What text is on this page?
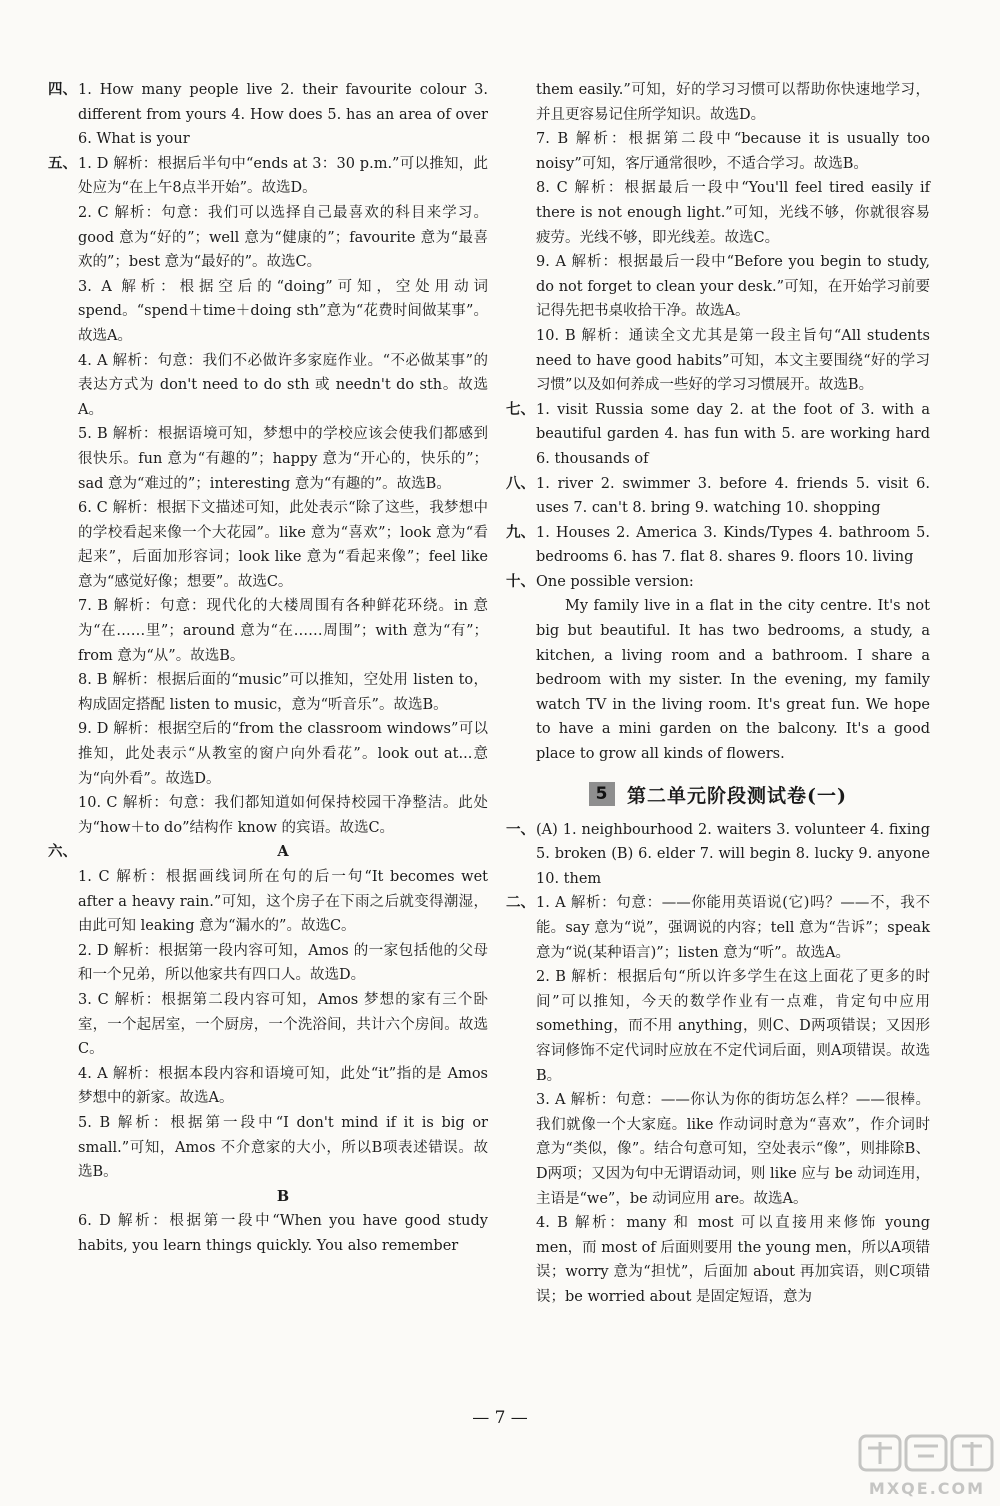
四、1. How many people live 2. their favourite colour 3. different from yours 4. How does 5. has an area of over 6. What is your

五、1. D 解析：根据后半句中“ends at 3：30 p.m.”可以推知，此处应为“在上午8点半开始”。故选D。

2. C 解析：句意：我们可以选择自己最喜欢的科目来学习。good 意为“好的”；well 意为“健康的”；favourite 意为“最喜欢的”；best 意为“最好的”。故选C。

3. A 解析：根据空后的“doing”可知，空处用动词 spend。“spend＋time＋doing sth”意为“花费时间做某事”。故选A。

4. A 解析：句意：我们不必做许多家庭作业。“不必做某事”的表达方式为 don't need to do sth 或 needn't do sth。故选A。

5. B 解析：根据语境可知，梦想中的学校应该会使我们都感到很快乐。fun 意为“有趣的”；happy 意为“开心的，快乐的”；sad 意为“难过的”；interesting 意为“有趣的”。故选B。

6. C 解析：根据下文描述可知，此处表示“除了这些，我梦想中的学校看起来像一个大花园”。like 意为“喜欢”；look 意为“看起来”，后面加形容词；look like 意为“看起来像”；feel like 意为“感觉好像；想要”。故选C。

7. B 解析：句意：现代化的大楼周围有各种鲜花环绕。in 意为“在……里”；around 意为“在……周围”；with 意为“有”；from 意为“从”。故选B。

8. B 解析：根据后面的“music”可以推知，空处用 listen to，构成固定搭配 listen to music，意为“听音乐”。故选B。

9. D 解析：根据空后的“from the classroom windows”可以推知，此处表示“从教室的窗户向外看花”。look out at...意为“向外看”。故选D。

10. C 解析：句意：我们都知道如何保持校园干净整洁。此处为“how＋to do”结构作 know 的宾语。故选C。

六、	A

1. C 解析：根据画线词所在句的后一句“It becomes wet after a heavy rain.”可知，这个房子在下雨之后就变得潮湿，由此可知 leaking 意为“漏水的”。故选C。

2. D 解析：根据第一段内容可知，Amos 的一家包括他的父母和一个兄弟，所以他家共有四口人。故选D。

3. C 解析：根据第二段内容可知，Amos 梦想的家有三个卧室，一个起居室，一个厨房，一个洗浴间，共计六个房间。故选C。

4. A 解析：根据本段内容和语境可知，此处“it”指的是 Amos 梦想中的新家。故选A。

5. B 解析：根据第一段中“I don't mind if it is big or small.”可知，Amos 不介意家的大小，所以B项表述错误。故选B。

B

6. D 解析：根据第一段中“When you have good study habits, you learn things quickly. You also remember

them easily.”可知，好的学习习惯可以帮助你快速地学习，并且更容易记住所学知识。故选D。

7. B 解析：根据第二段中“because it is usually too noisy”可知，客厅通常很吵，不适合学习。故选B。

8. C 解析：根据最后一段中“You'll feel tired easily if there is not enough light.”可知，光线不够，你就很容易疲劳。光线不够，即光线差。故选C。

9. A 解析：根据最后一段中“Before you begin to study, do not forget to clean your desk.”可知，在开始学习前要记得先把书桌收拾干净。故选A。

10. B 解析：通读全文尤其是第一段主旨句“All students need to have good habits”可知，本文主要围绕“好的学习习惯”以及如何养成一些好的学习习惯展开。故选B。

七、1. visit Russia some day 2. at the foot of 3. with a beautiful garden 4. has fun with 5. are working hard 6. thousands of

八、1. river 2. swimmer 3. before 4. friends 5. visit 6. uses 7. can't 8. bring 9. watching 10. shopping

九、1. Houses 2. America 3. Kinds/Types 4. bathroom 5. bedrooms 6. has 7. flat 8. shares 9. floors 10. living

十、One possible version:

My family live in a flat in the city centre. It's not big but beautiful. It has two bedrooms, a study, a kitchen, a living room and a bathroom. I share a bedroom with my sister. In the evening, my family watch TV in the living room. It's great fun. We hope to have a mini garden on the balcony. It's a good place to grow all kinds of flowers.

5 第二单元阶段测试卷(一)

一、(A) 1. neighbourhood 2. waiters 3. volunteer 4. fixing 5. broken (B) 6. elder 7. will begin 8. lucky 9. anyone 10. them

二、1. A 解析：句意：——你能用英语说(它)吗？——不，我不能。say 意为“说”，强调说的内容；tell 意为“告诉”；speak 意为“说(某种语言)”；listen 意为“听”。故选A。

2. B 解析：根据后句“所以许多学生在这上面花了更多的时间”可以推知，今天的数学作业有一点难，肯定句中应用 something，而不用 anything，则C、D两项错误；又因形容词修饰不定代词时应放在不定代词后面，则A项错误。故选B。

3. A 解析：句意：——你认为你的街坊怎么样？——很棒。我们就像一个大家庭。like 作动词时意为“喜欢”，作介词时意为“类似，像”。结合句意可知，空处表示“像”，则排除B、D两项；又因为句中无谓语动词，则 like 应与 be 动词连用，主语是“we”，be 动词应用 are。故选A。

4. B 解析：many 和 most 可以直接用来修饰 young men，而 most of 后面则要用 the young men，所以A项错误；worry 意为“担忧”，后面加 about 再加宾语，则C项错误；be worried about 是固定短语，意为

— 7 —
MXQE.COM
